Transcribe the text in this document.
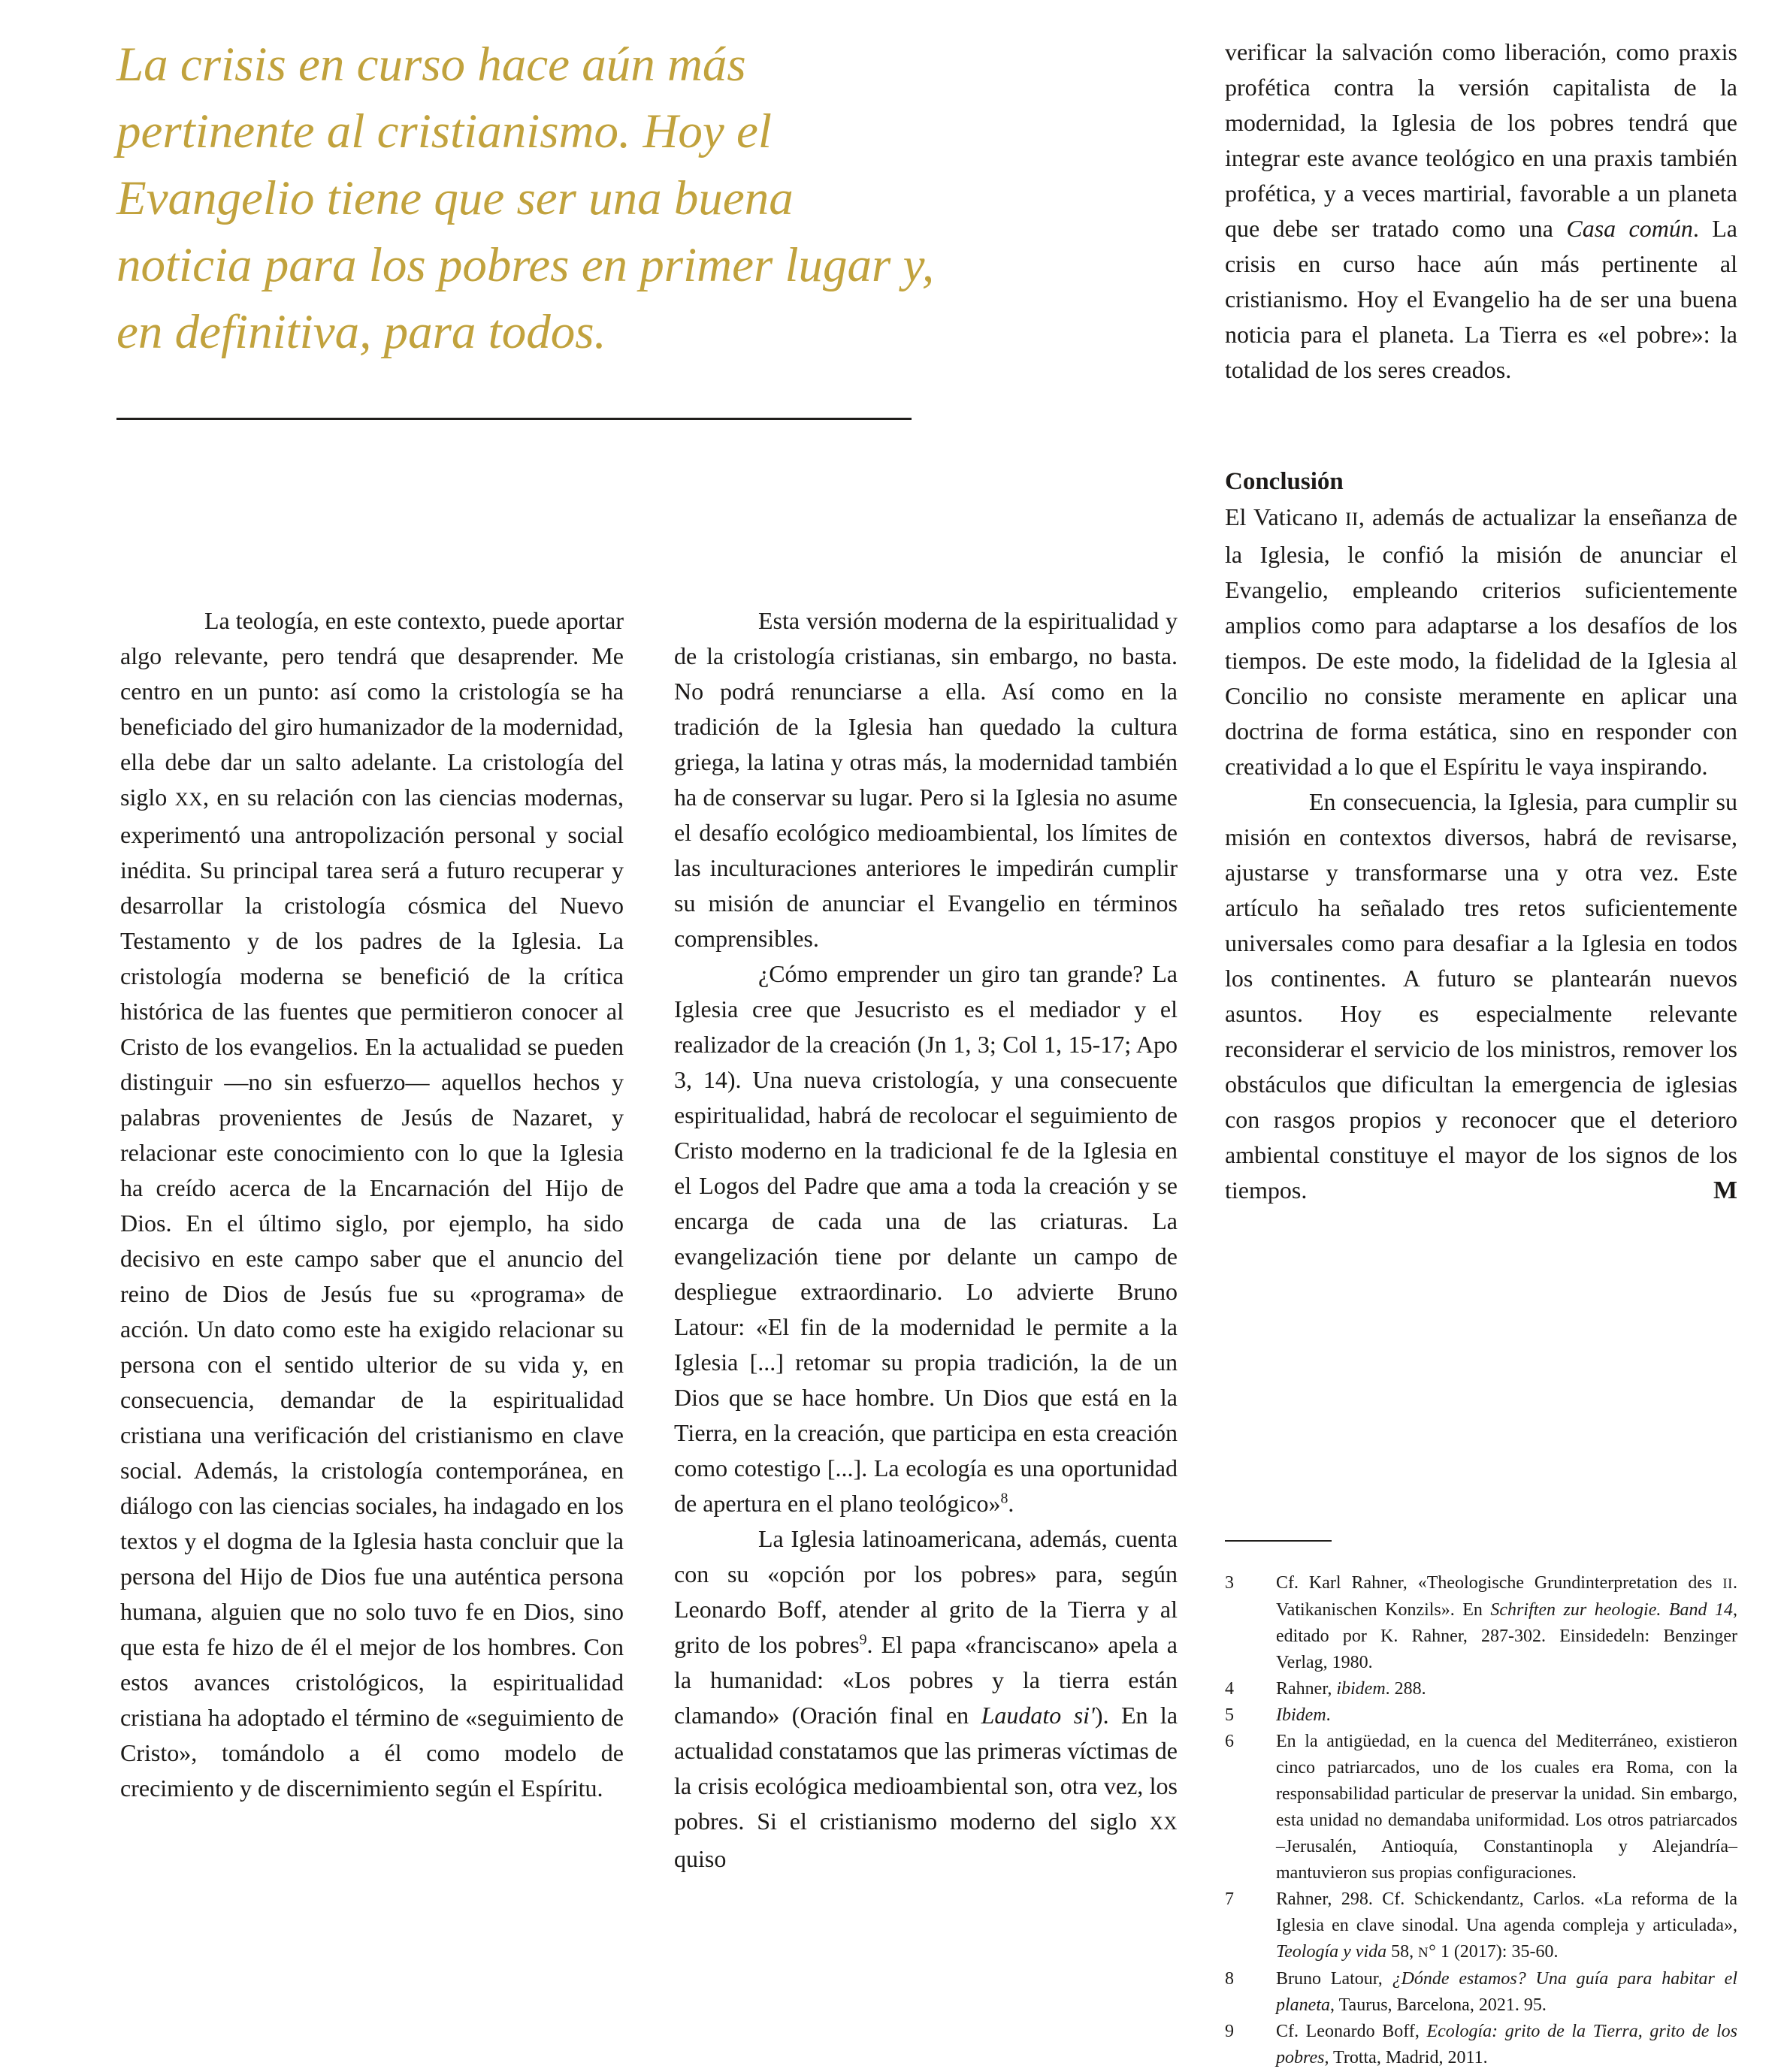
La crisis en curso hace aún más pertinente al cristianismo. Hoy el Evangelio tiene que ser una buena noticia para los pobres en primer lugar y, en definitiva, para todos.

La teología, en este contexto, puede aportar algo relevante, pero tendrá que desaprender. Me centro en un punto: así como la cristología se ha beneficiado del giro humanizador de la modernidad, ella debe dar un salto adelante. La cristología del siglo XX, en su relación con las ciencias modernas, experimentó una antropolización personal y social inédita. Su principal tarea será a futuro recuperar y desarrollar la cristología cósmica del Nuevo Testamento y de los padres de la Iglesia. La cristología moderna se benefició de la crítica histórica de las fuentes que permitieron conocer al Cristo de los evangelios. En la actualidad se pueden distinguir —no sin esfuerzo— aquellos hechos y palabras provenientes de Jesús de Nazaret, y relacionar este conocimiento con lo que la Iglesia ha creído acerca de la Encarnación del Hijo de Dios. En el último siglo, por ejemplo, ha sido decisivo en este campo saber que el anuncio del reino de Dios de Jesús fue su «programa» de acción. Un dato como este ha exigido relacionar su persona con el sentido ulterior de su vida y, en consecuencia, demandar de la espiritualidad cristiana una verificación del cristianismo en clave social. Además, la cristología contemporánea, en diálogo con las ciencias sociales, ha indagado en los textos y el dogma de la Iglesia hasta concluir que la persona del Hijo de Dios fue una auténtica persona humana, alguien que no solo tuvo fe en Dios, sino que esta fe hizo de él el mejor de los hombres. Con estos avances cristológicos, la espiritualidad cristiana ha adoptado el término de «seguimiento de Cristo», tomándolo a él como modelo de crecimiento y de discernimiento según el Espíritu.

Esta versión moderna de la espiritualidad y de la cristología cristianas, sin embargo, no basta. No podrá renunciarse a ella. Así como en la tradición de la Iglesia han quedado la cultura griega, la latina y otras más, la modernidad también ha de conservar su lugar. Pero si la Iglesia no asume el desafío ecológico medioambiental, los límites de las inculturaciones anteriores le impedirán cumplir su misión de anunciar el Evangelio en términos comprensibles.

¿Cómo emprender un giro tan grande? La Iglesia cree que Jesucristo es el mediador y el realizador de la creación (Jn 1, 3; Col 1, 15-17; Apo 3, 14). Una nueva cristología, y una consecuente espiritualidad, habrá de recolocar el seguimiento de Cristo moderno en la tradicional fe de la Iglesia en el Logos del Padre que ama a toda la creación y se encarga de cada una de las criaturas. La evangelización tiene por delante un campo de despliegue extraordinario. Lo advierte Bruno Latour: «El fin de la modernidad le permite a la Iglesia [...] retomar su propia tradición, la de un Dios que se hace hombre. Un Dios que está en la Tierra, en la creación, que participa en esta creación como cotestigo [...]. La ecología es una oportunidad de apertura en el plano teológico»$^8$.

La Iglesia latinoamericana, además, cuenta con su «opción por los pobres» para, según Leonardo Boff, atender al grito de la Tierra y al grito de los pobres$^9$. El papa «franciscano» apela a la humanidad: «Los pobres y la tierra están clamando» (Oración final en Laudato si'). En la actualidad constatamos que las primeras víctimas de la crisis ecológica medioambiental son, otra vez, los pobres. Si el cristianismo moderno del siglo XX quiso

verificar la salvación como liberación, como praxis profética contra la versión capitalista de la modernidad, la Iglesia de los pobres tendrá que integrar este avance teológico en una praxis también profética, y a veces martirial, favorable a un planeta que debe ser tratado como una Casa común. La crisis en curso hace aún más pertinente al cristianismo. Hoy el Evangelio ha de ser una buena noticia para el planeta. La Tierra es «el pobre»: la totalidad de los seres creados.

Conclusión

El Vaticano II, además de actualizar la enseñanza de la Iglesia, le confió la misión de anunciar el Evangelio, empleando criterios suficientemente amplios como para adaptarse a los desafíos de los tiempos. De este modo, la fidelidad de la Iglesia al Concilio no consiste meramente en aplicar una doctrina de forma estática, sino en responder con creatividad a lo que el Espíritu le vaya inspirando.

En consecuencia, la Iglesia, para cumplir su misión en contextos diversos, habrá de revisarse, ajustarse y transformarse una y otra vez. Este artículo ha señalado tres retos suficientemente universales como para desafiar a la Iglesia en todos los continentes. A futuro se plantearán nuevos asuntos. Hoy es especialmente relevante reconsiderar el servicio de los ministros, remover los obstáculos que dificultan la emergencia de iglesias con rasgos propios y reconocer que el deterioro ambiental constituye el mayor de los signos de los tiempos.	M

3	Cf. Karl Rahner, «Theologische Grundinterpretation des II. Vatikanischen Konzils». En Schriften zur heologie. Band 14, editado por K. Rahner, 287-302. Einsidedeln: Benzinger Verlag, 1980.
4	Rahner, ibidem. 288.
5	Ibidem.
6	En la antigüedad, en la cuenca del Mediterráneo, existieron cinco patriarcados, uno de los cuales era Roma, con la responsabilidad particular de preservar la unidad. Sin embargo, esta unidad no demandaba uniformidad. Los otros patriarcados –Jerusalén, Antioquía, Constantinopla y Alejandría– mantuvieron sus propias configuraciones.
7	Rahner, 298. Cf. Schickendantz, Carlos. «La reforma de la Iglesia en clave sinodal. Una agenda compleja y articulada», Teología y vida 58, N° 1 (2017): 35-60.
8	Bruno Latour, ¿Dónde estamos? Una guía para habitar el planeta, Taurus, Barcelona, 2021. 95.
9	Cf. Leonardo Boff, Ecología: grito de la Tierra, grito de los pobres, Trotta, Madrid, 2011.
